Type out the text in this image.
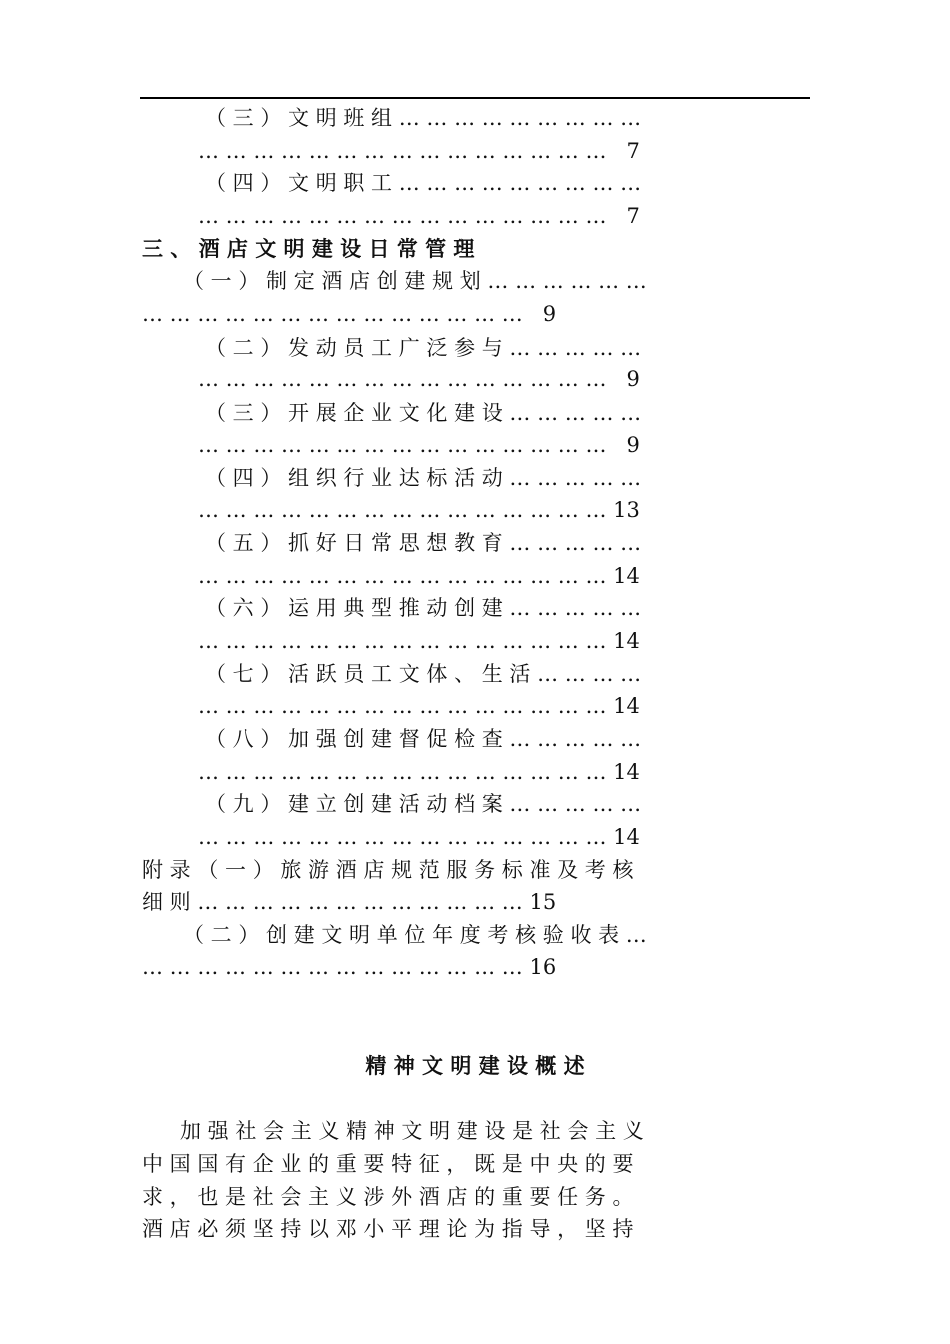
（ 三 ） 文 明 班 组 … … … … … … … … …
… … … … … … … … … … … … … … …   7
（ 四 ） 文 明 职 工 … … … … … … … … …
… … … … … … … … … … … … … … …   7
三 、 酒 店 文 明 建 设 日 常 管 理
（ 一 ） 制 定 酒 店 创 建 规 划 … … … … … …
… … … … … … … … … … … … … …   9
（ 二 ） 发 动 员 工 广 泛 参 与 … … … … …
… … … … … … … … … … … … … … …   9
（ 三 ） 开 展 企 业 文 化 建 设 … … … … …
… … … … … … … … … … … … … … …   9
（ 四 ） 组 织 行 业 达 标 活 动 … … … … …
… … … … … … … … … … … … … … … 13
（ 五 ） 抓 好 日 常 思 想 教 育 … … … … …
… … … … … … … … … … … … … … … 14
（ 六 ） 运 用 典 型 推 动 创 建 … … … … …
… … … … … … … … … … … … … … … 14
（ 七 ） 活 跃 员 工 文 体 、 生 活 … … … …
… … … … … … … … … … … … … … … 14
（ 八 ） 加 强 创 建 督 促 检 查 … … … … …
… … … … … … … … … … … … … … … 14
（ 九 ） 建 立 创 建 活 动 档 案 … … … … …
… … … … … … … … … … … … … … … 14
附 录 （ 一 ） 旅 游 酒 店 规 范 服 务 标 准 及 考 核
细 则 … … … … … … … … … … … … 15
（ 二 ） 创 建 文 明 单 位 年 度 考 核 验 收 表 …
… … … … … … … … … … … … … … 16
精 神 文 明 建 设 概 述
加 强 社 会 主 义 精 神 文 明 建 设 是 社 会 主 义
中 国 国 有 企 业 的 重 要 特 征 ， 既 是 中 央 的 要
求 ， 也 是 社 会 主 义 涉 外 酒 店 的 重 要 任 务 。
酒 店 必 须 坚 持 以 邓 小 平 理 论 为 指 导 ， 坚 持
